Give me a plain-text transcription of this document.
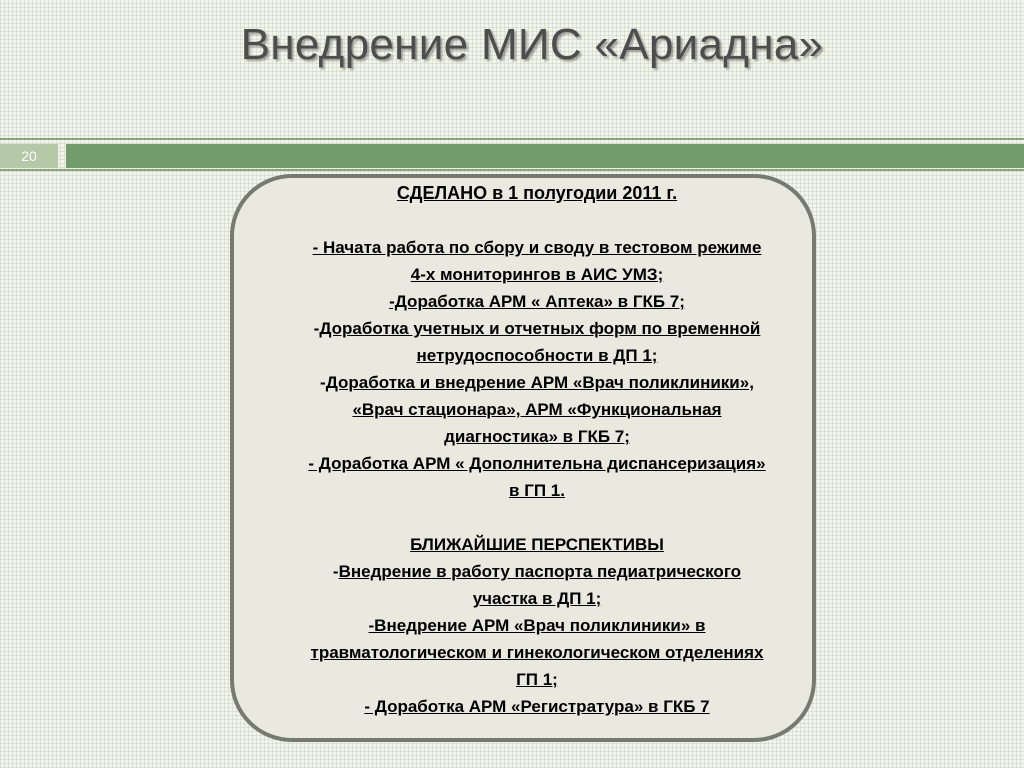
Внедрение МИС «Ариадна»
20

СДЕЛАНО в 1 полугодии 2011 г.

- Начата работа по сбору и своду в тестовом режиме

4-х мониторингов в АИС УМЗ;

-Доработка АРМ « Аптека» в ГКБ 7;

-Доработка учетных и отчетных форм по временной

нетрудоспособности в ДП 1;

-Доработка и внедрение АРМ «Врач поликлиники»,

«Врач стационара», АРМ «Функциональная

диагностика» в ГКБ 7;

- Доработка АРМ « Дополнительна диспансеризация»

в ГП 1.

БЛИЖАЙШИЕ ПЕРСПЕКТИВЫ

-Внедрение в работу паспорта педиатрического

участка в ДП 1;

-Внедрение АРМ «Врач поликлиники» в

травматологическом и гинекологическом отделениях

ГП 1;

- Доработка АРМ «Регистратура» в ГКБ 7
